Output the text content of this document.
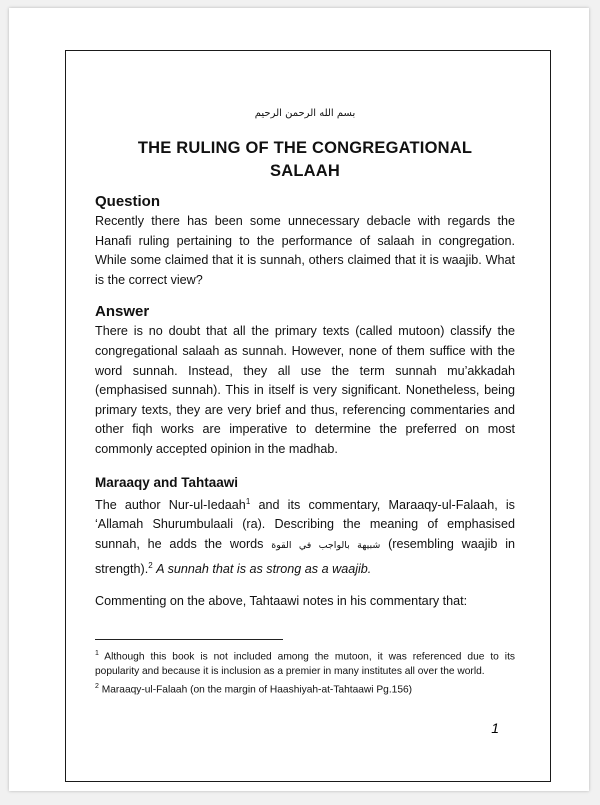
بسم الله الرحمن الرحيم
THE RULING OF THE CONGREGATIONAL
SALAAH
Question

Recently there has been some unnecessary debacle with regards the Hanafi ruling pertaining to the performance of salaah in congregation. While some claimed that it is sunnah, others claimed that it is waajib. What is the correct view?

Answer

There is no doubt that all the primary texts (called mutoon) classify the congregational salaah as sunnah. However, none of them suffice with the word sunnah. Instead, they all use the term sunnah mu’akkadah (emphasised sunnah). This in itself is very significant. Nonetheless, being primary texts, they are very brief and thus, referencing commentaries and other fiqh works are imperative to determine the preferred on most commonly accepted opinion in the madhab.

Maraaqy and Tahtaawi

The author Nur-ul-Iedaah$^1$ and its commentary, Maraaqy-ul-Falaah, is ‘Allamah Shurumbulaali (ra). Describing the meaning of emphasised sunnah, he adds the words شبيهة بالواجب في القوة (resembling waajib in strength).$^2$ A sunnah that is as strong as a waajib.

Commenting on the above, Tahtaawi notes in his commentary that:

$^1$ Although this book is not included among the mutoon, it was referenced due to its popularity and because it is inclusion as a premier in many institutes all over the world.

$^2$ Maraaqy-ul-Falaah (on the margin of Haashiyah-at-Tahtaawi Pg.156)

1
